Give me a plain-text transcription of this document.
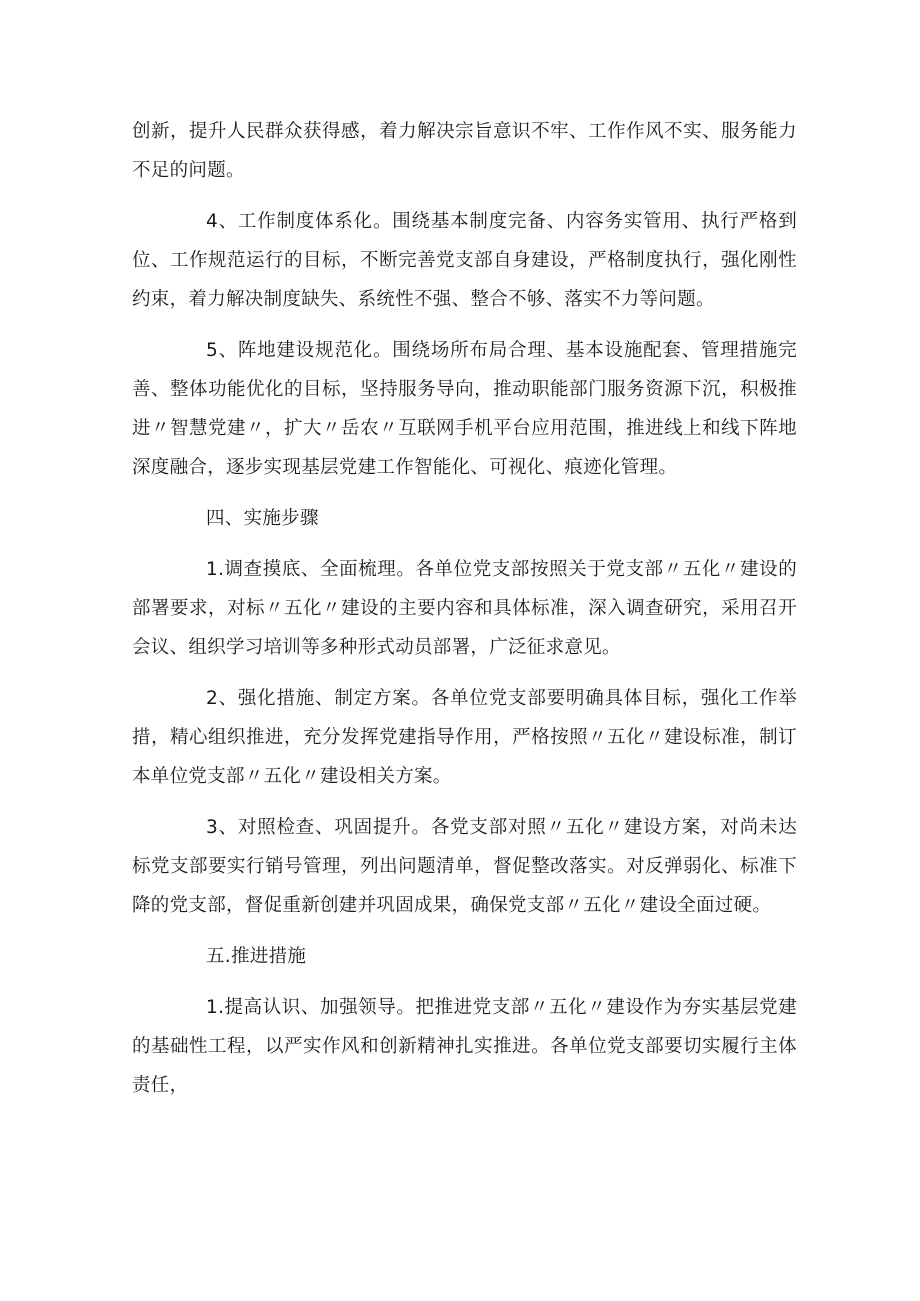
创新，提升人民群众获得感，着力解决宗旨意识不牢、工作作风不实、服务能力不足的问题。

4、工作制度体系化。围绕基本制度完备、内容务实管用、执行严格到位、工作规范运行的目标，不断完善党支部自身建设，严格制度执行，强化刚性约束，着力解决制度缺失、系统性不强、整合不够、落实不力等问题。

5、阵地建设规范化。围绕场所布局合理、基本设施配套、管理措施完善、整体功能优化的目标，坚持服务导向，推动职能部门服务资源下沉，积极推进〃智慧党建〃，扩大〃岳农〃互联网手机平台应用范围，推进线上和线下阵地深度融合，逐步实现基层党建工作智能化、可视化、痕迹化管理。

四、实施步骤

1.调查摸底、全面梳理。各单位党支部按照关于党支部〃五化〃建设的部署要求，对标〃五化〃建设的主要内容和具体标准，深入调查研究，采用召开会议、组织学习培训等多种形式动员部署，广泛征求意见。

2、强化措施、制定方案。各单位党支部要明确具体目标，强化工作举措，精心组织推进，充分发挥党建指导作用，严格按照〃五化〃建设标准，制订本单位党支部〃五化〃建设相关方案。

3、对照检查、巩固提升。各党支部对照〃五化〃建设方案，对尚未达标党支部要实行销号管理，列出问题清单，督促整改落实。对反弹弱化、标准下降的党支部，督促重新创建并巩固成果，确保党支部〃五化〃建设全面过硬。

五.推进措施

1.提高认识、加强领导。把推进党支部〃五化〃建设作为夯实基层党建的基础性工程，以严实作风和创新精神扎实推进。各单位党支部要切实履行主体责任，
